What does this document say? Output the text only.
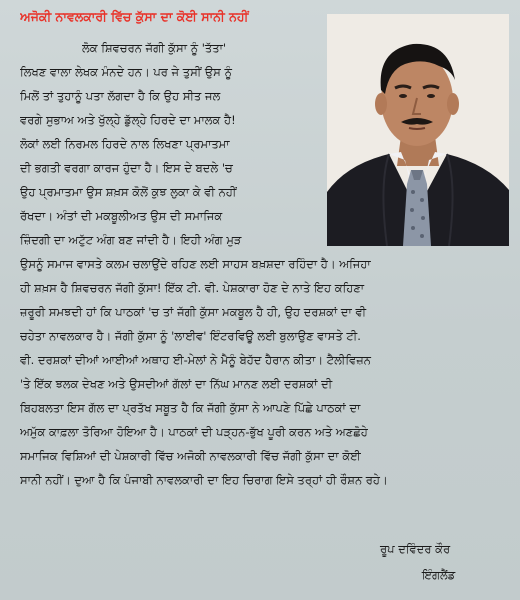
ਅਜੋਕੀ ਨਾਵਲਕਾਰੀ ਵਿੱਚ ਕੁੱਸਾ ਦਾ ਕੋਈ ਸਾਨੀ ਨਹੀਂ
ਲੋਕ ਸ਼ਿਵਚਰਨ ਜੱਗੀ ਕੁੱਸਾ ਨੂੰ 'ਤੱਤਾ'
ਲਿਖਣ ਵਾਲਾ ਲੇਖਕ ਮੰਨਦੇ ਹਨ। ਪਰ ਜੇ ਤੁਸੀਂ ਉਸ ਨੂੰ
ਮਿਲੋਂ ਤਾਂ ਤੁਹਾਨੂੰ ਪਤਾ ਲੱਗਦਾ ਹੈ ਕਿ ਉਹ ਸੀਤ ਜਲ
ਵਰਗੇ ਸੁਭਾਅ ਅਤੇ ਖੁੱਲ੍ਹੇ ਡੁੱਲ੍ਹੇ ਹਿਰਦੇ ਦਾ ਮਾਲਕ ਹੈ!
ਲੋਕਾਂ ਲਈ ਨਿਰਮਲ ਹਿਰਦੇ ਨਾਲ ਲਿਖਣਾ ਪ੍ਰਮਾਤਮਾ
ਦੀ ਭਗਤੀ ਵਰਗਾ ਕਾਰਜ ਹੁੰਦਾ ਹੈ। ਇਸ ਦੇ ਬਦਲੇ 'ਚ
ਉਹ ਪ੍ਰਮਾਤਮਾ ਉਸ ਸ਼ਖ਼ਸ ਕੋਲੋਂ ਕੁਝ ਲੁਕਾ ਕੇ ਵੀ ਨਹੀਂ
ਰੱਖਦਾ। ਅੰਤਾਂ ਦੀ ਮਕਬੂਲੀਅਤ ਉਸ ਦੀ ਸਮਾਜਿਕ
ਜ਼ਿੰਦਗੀ ਦਾ ਅਟੁੱਟ ਅੰਗ ਬਣ ਜਾਂਦੀ ਹੈ। ਇਹੀ ਅੰਗ ਮੁੜ
ਉਸਨੂੰ ਸਮਾਜ ਵਾਸਤੇ ਕਲਮ ਚਲਾਉਂਦੇ ਰਹਿਣ ਲਈ ਸਾਹਸ ਬਖ਼ਸ਼ਦਾ ਰਹਿੰਦਾ ਹੈ। ਅਜਿਹਾ
ਹੀ ਸ਼ਖ਼ਸ ਹੈ ਸ਼ਿਵਚਰਨ ਜੱਗੀ ਕੁੱਸਾ! ਇੱਕ ਟੀ. ਵੀ. ਪੇਸ਼ਕਾਰਾ ਹੋਣ ਦੇ ਨਾਤੇ ਇਹ ਕਹਿਣਾ
ਜ਼ਰੂਰੀ ਸਮਝਦੀ ਹਾਂ ਕਿ ਪਾਠਕਾਂ 'ਚ ਤਾਂ ਜੱਗੀ ਕੁੱਸਾ ਮਕਬੂਲ ਹੈ ਹੀ, ਉਹ ਦਰਸ਼ਕਾਂ ਦਾ ਵੀ
ਚਹੇਤਾ ਨਾਵਲਕਾਰ ਹੈ। ਜੱਗੀ ਕੁੱਸਾ ਨੂੰ 'ਲਾਈਵ' ਇੰਟਰਵਿਊ ਲਈ ਬੁਲਾਉਣ ਵਾਸਤੇ ਟੀ.
ਵੀ. ਦਰਸ਼ਕਾਂ ਦੀਆਂ ਆਈਆਂ ਅਥਾਹ ਈ-ਮੇਲਾਂ ਨੇ ਮੈਨੂੰ ਬੇਹੱਦ ਹੈਰਾਨ ਕੀਤਾ। ਟੈਲੀਵਿਜ਼ਨ
'ਤੇ ਇੱਕ ਝਲਕ ਦੇਖਣ ਅਤੇ ਉਸਦੀਆਂ ਗੱਲਾਂ ਦਾ ਨਿੱਘ ਮਾਨਣ ਲਈ ਦਰਸ਼ਕਾਂ ਦੀ
ਬਿਹਬਲਤਾ ਇਸ ਗੱਲ ਦਾ ਪ੍ਰਤੱਖ ਸਬੂਤ ਹੈ ਕਿ ਜੱਗੀ ਕੁੱਸਾ ਨੇ ਆਪਣੇ ਪਿੱਛੇ ਪਾਠਕਾਂ ਦਾ
ਅਮੁੱਕ ਕਾਫ਼ਲਾ ਤੋਰਿਆ ਹੋਇਆ ਹੈ। ਪਾਠਕਾਂ ਦੀ ਪੜ੍ਹਨ-ਭੁੱਖ ਪੂਰੀ ਕਰਨ ਅਤੇ ਅਣਛੋਹੇ
ਸਮਾਜਿਕ ਵਿਸ਼ਿਆਂ ਦੀ ਪੇਸ਼ਕਾਰੀ ਵਿੱਚ ਅਜੋਕੀ ਨਾਵਲਕਾਰੀ ਵਿੱਚ ਜੱਗੀ ਕੁੱਸਾ ਦਾ ਕੋਈ
ਸਾਨੀ ਨਹੀਂ। ਦੁਆ ਹੈ ਕਿ ਪੰਜਾਬੀ ਨਾਵਲਕਾਰੀ ਦਾ ਇਹ ਚਿਰਾਗ ਇਸੇ ਤਰ੍ਹਾਂ ਹੀ ਰੌਸ਼ਨ ਰਹੇ।
ਰੂਪ ਦਵਿੰਦਰ ਕੌਰ
ਇੰਗਲੈਂਡ
